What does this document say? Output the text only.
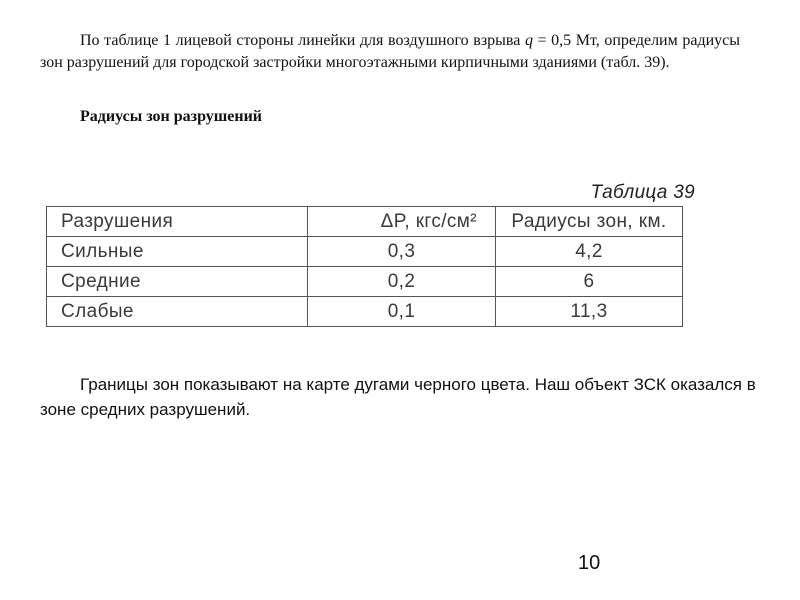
По таблице 1 лицевой стороны линейки для воздушного взрыва q = 0,5 Мт, определим радиусы зон разрушений для городской застройки многоэтажными кирпичными зданиями (табл. 39).

Радиусы зон разрушений
Таблица 39
Разрушения	ΔP, кгс/см²	Радиусы зон, км.
Сильные	0,3	4,2
Средние	0,2	6
Слабые	0,1	11,3

Границы зон показывают на карте дугами черного цвета. Наш объект ЗСК оказался в зоне средних разрушений.

10
